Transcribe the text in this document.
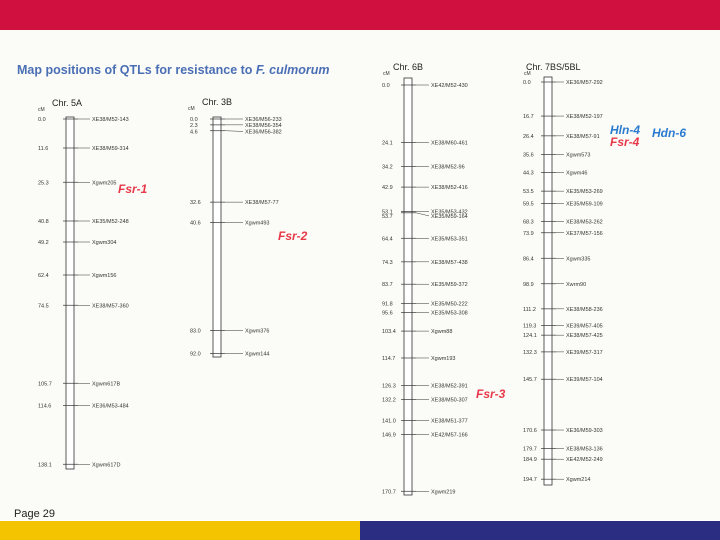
Map positions of QTLs for resistance to F. culmorum
Chr. 5A
cM
0.0	XE38/M52-143
11.6	XE38/M59-314
25.3	Xgwm205
40.8	XE35/M52-248
49.2	Xgwm304
62.4	Xgwm156
74.5	XE38/M57-360
105.7	Xgwm617B
114.6	XE36/M53-484
138.1	Xgwm617D
Chr. 3B
cM
0.0	XE36/M56-233
2.3	XE38/M56-354
4.6	XE36/M56-382
32.6	XE38/M57-77
40.6	Xgwm493
83.0	Xgwm376
92.0	Xgwm144
Chr. 6B
cM
0.0	XE42/M52-430
24.1	XE38/M60-461
34.2	XE38/M52-96
42.9	XE38/M52-416
53.1	XE35/M53-432
53.7	XE35/M59-164
64.4	XE35/M53-351
74.3	XE38/M57-438
83.7	XE35/M59-372
91.8	XE35/M50-222
95.6	XE35/M53-308
103.4	Xgwm88
114.7	Xgwm193
126.3	XE38/M52-391
132.2	XE38/M50-307
141.0	XE38/M51-377
146.9	XE42/M57-166
170.7	Xgwm219
Chr. 7BS/5BL
cM
0.0	XE36/M57-292
16.7	XE38/M52-197
26.4	XE38/M57-91
35.6	Xgwm573
44.3	Xgwm46
53.5	XE35/M53-269
59.5	XE35/M59-109
68.3	XE38/M53-262
73.9	XE37/M57-156
86.4	Xgwm335
98.9	Xwrm90
111.2	XE38/M58-236
119.3	XE39/M57-405
124.1	XE38/M57-425
132.3	XE39/M57-317
145.7	XE39/M57-104
170.6	XE36/M59-303
179.7	XE38/M53-136
184.9	XE42/M52-249
194.7	Xgwm214
Fsr-1
Fsr-2
Fsr-3
Hln-4 Hdn-6
Fsr-4
Page 29
